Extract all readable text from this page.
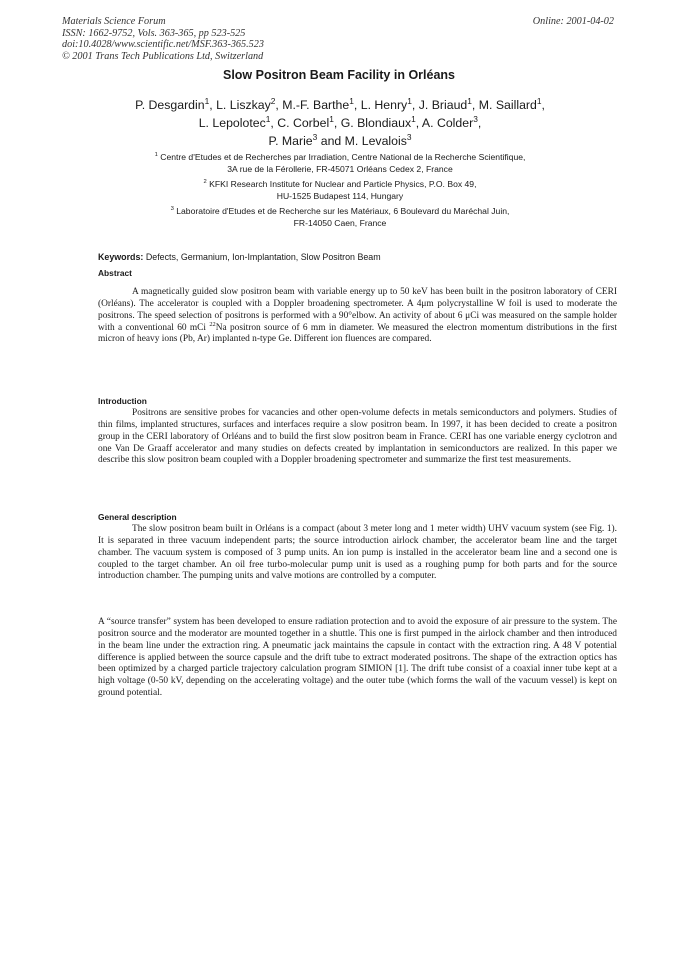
Materials Science Forum
ISSN: 1662-9752, Vols. 363-365, pp 523-525
doi:10.4028/www.scientific.net/MSF.363-365.523
© 2001 Trans Tech Publications Ltd, Switzerland
Online: 2001-04-02
Slow Positron Beam Facility in Orléans
P. Desgardin$^1$, L. Liszkay$^2$, M.-F. Barthe$^1$, L. Henry$^1$, J. Briaud$^1$, M. Saillard$^1$,
L. Lepolotec$^1$, C. Corbel$^1$, G. Blondiaux$^1$, A. Colder$^3$,
P. Marie$^3$ and M. Levalois$^3$
$^1$ Centre d'Etudes et de Recherches par Irradiation, Centre National de la Recherche Scientifique,
3A rue de la Férollerie, FR-45071 Orléans Cedex 2, France
$^2$ KFKI Research Institute for Nuclear and Particle Physics, P.O. Box 49,
HU-1525 Budapest 114, Hungary
$^3$ Laboratoire d'Etudes et de Recherche sur les Matériaux, 6 Boulevard du Maréchal Juin,
FR-14050 Caen, France
Keywords: Defects, Germanium, Ion-Implantation, Slow Positron Beam
Abstract

A magnetically guided slow positron beam with variable energy up to 50 keV has been built in the positron laboratory of CERI (Orléans). The accelerator is coupled with a Doppler broadening spectrometer. A 4μm polycrystalline W foil is used to moderate the positrons. The speed selection of positrons is performed with a 90°elbow. An activity of about 6 μCi was measured on the sample holder with a conventional 60 mCi $^{22}$Na positron source of 6 mm in diameter. We measured the electron momentum distributions in the first micron of heavy ions (Pb, Ar) implanted n-type Ge. Different ion fluences are compared.

Introduction

Positrons are sensitive probes for vacancies and other open-volume defects in metals semiconductors and polymers. Studies of thin films, implanted structures, surfaces and interfaces require a slow positron beam. In 1997, it has been decided to create a positron group in the CERI laboratory of Orléans and to build the first slow positron beam in France. CERI has one variable energy cyclotron and one Van De Graaff accelerator and many studies on defects created by implantation in semiconductors are realized. In this paper we describe this slow positron beam coupled with a Doppler broadening spectrometer and summarize the first test measurements.

General description

The slow positron beam built in Orléans is a compact (about 3 meter long and 1 meter width) UHV vacuum system (see Fig. 1). It is separated in three vacuum independent parts; the source introduction airlock chamber, the accelerator beam line and the target chamber. The vacuum system is composed of 3 pump units. An ion pump is installed in the accelerator beam line and a second one is coupled to the target chamber. An oil free turbo-molecular pump unit is used as a roughing pump for both parts and for the source introduction chamber. The pumping units and valve motions are controlled by a computer.

A “source transfer” system has been developed to ensure radiation protection and to avoid the exposure of air pressure to the system. The positron source and the moderator are mounted together in a shuttle. This one is first pumped in the airlock chamber and then introduced in the beam line under the extraction ring. A pneumatic jack maintains the capsule in contact with the extraction ring. A 48 V potential difference is applied between the source capsule and the drift tube to extract moderated positrons. The shape of the extraction optics has been optimized by a charged particle trajectory calculation program SIMION [1]. The drift tube consist of a coaxial inner tube kept at a high voltage (0-50 kV, depending on the accelerating voltage) and the outer tube (which forms the wall of the vacuum vessel) is kept on ground potential.
